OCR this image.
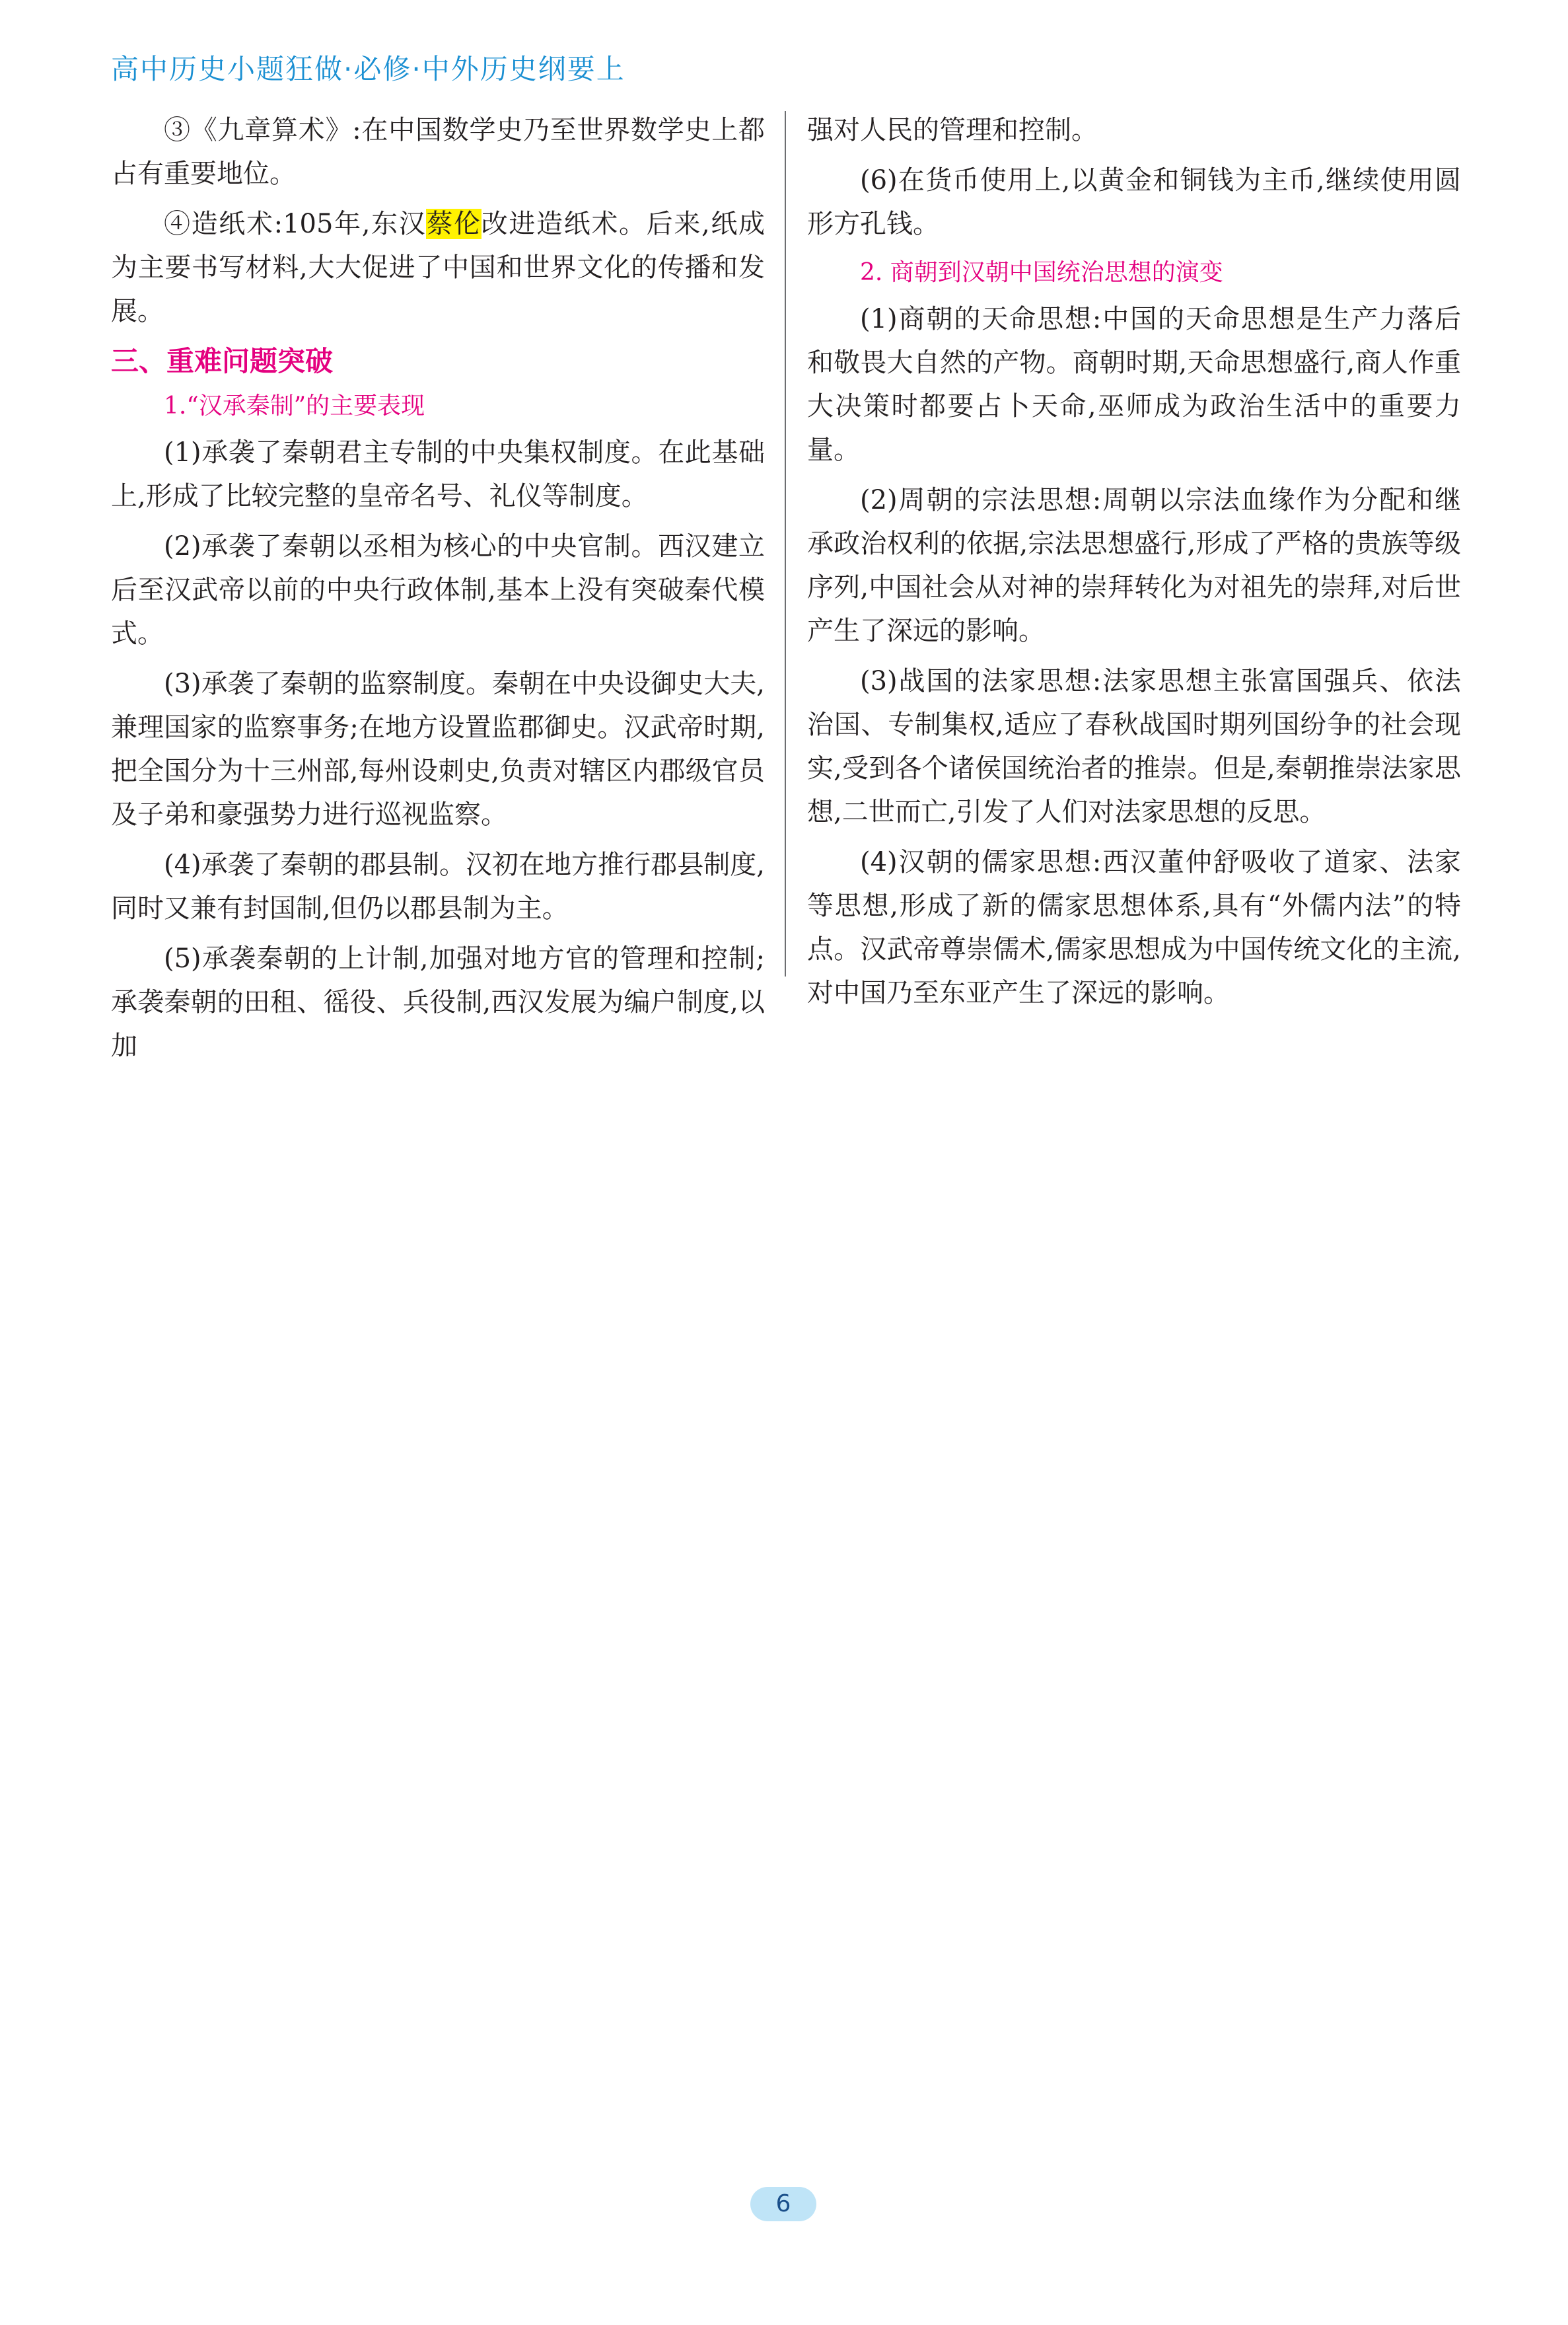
高中历史小题狂做·必修·中外历史纲要上

③《九章算术》:在中国数学史乃至世界数学史上都占有重要地位。

④造纸术:105年,东汉蔡伦改进造纸术。后来,纸成为主要书写材料,大大促进了中国和世界文化的传播和发展。

三、重难问题突破
1.“汉承秦制”的主要表现

(1)承袭了秦朝君主专制的中央集权制度。在此基础上,形成了比较完整的皇帝名号、礼仪等制度。

(2)承袭了秦朝以丞相为核心的中央官制。西汉建立后至汉武帝以前的中央行政体制,基本上没有突破秦代模式。

(3)承袭了秦朝的监察制度。秦朝在中央设御史大夫,兼理国家的监察事务;在地方设置监郡御史。汉武帝时期,把全国分为十三州部,每州设刺史,负责对辖区内郡级官员及子弟和豪强势力进行巡视监察。

(4)承袭了秦朝的郡县制。汉初在地方推行郡县制度,同时又兼有封国制,但仍以郡县制为主。

(5)承袭秦朝的上计制,加强对地方官的管理和控制;承袭秦朝的田租、徭役、兵役制,西汉发展为编户制度,以加

强对人民的管理和控制。

(6)在货币使用上,以黄金和铜钱为主币,继续使用圆形方孔钱。

2. 商朝到汉朝中国统治思想的演变

(1)商朝的天命思想:中国的天命思想是生产力落后和敬畏大自然的产物。商朝时期,天命思想盛行,商人作重大决策时都要占卜天命,巫师成为政治生活中的重要力量。

(2)周朝的宗法思想:周朝以宗法血缘作为分配和继承政治权利的依据,宗法思想盛行,形成了严格的贵族等级序列,中国社会从对神的崇拜转化为对祖先的崇拜,对后世产生了深远的影响。

(3)战国的法家思想:法家思想主张富国强兵、依法治国、专制集权,适应了春秋战国时期列国纷争的社会现实,受到各个诸侯国统治者的推崇。但是,秦朝推崇法家思想,二世而亡,引发了人们对法家思想的反思。

(4)汉朝的儒家思想:西汉董仲舒吸收了道家、法家等思想,形成了新的儒家思想体系,具有“外儒内法”的特点。汉武帝尊崇儒术,儒家思想成为中国传统文化的主流,对中国乃至东亚产生了深远的影响。

6
